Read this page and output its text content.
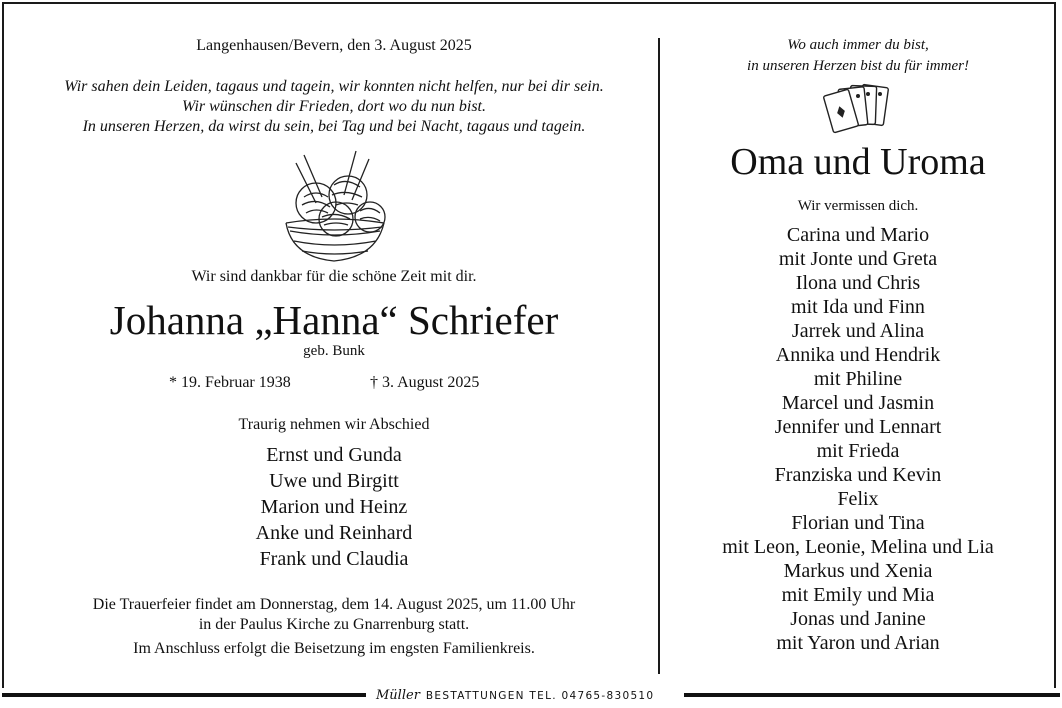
Langenhausen/Bevern, den 3. August 2025
Wir sahen dein Leiden, tagaus und tagein, wir konnten nicht helfen, nur bei dir sein.
Wir wünschen dir Frieden, dort wo du nun bist.
In unseren Herzen, da wirst du sein, bei Tag und bei Nacht, tagaus und tagein.
Wir sind dankbar für die schöne Zeit mit dir.
Johanna „Hanna“ Schriefer
geb. Bunk
* 19. Februar 1938	† 3. August 2025
Traurig nehmen wir Abschied
Ernst und Gunda
Uwe und Birgitt
Marion und Heinz
Anke und Reinhard
Frank und Claudia
Die Trauerfeier findet am Donnerstag, dem 14. August 2025, um 11.00 Uhr
in der Paulus Kirche zu Gnarrenburg statt.
Im Anschluss erfolgt die Beisetzung im engsten Familienkreis.
Wo auch immer du bist,
in unseren Herzen bist du für immer!
Oma und Uroma
Wir vermissen dich.
Carina und Mario
mit Jonte und Greta
Ilona und Chris
mit Ida und Finn
Jarrek und Alina
Annika und Hendrik
mit Philine
Marcel und Jasmin
Jennifer und Lennart
mit Frieda
Franziska und Kevin
Felix
Florian und Tina
mit Leon, Leonie, Melina und Lia
Markus und Xenia
mit Emily und Mia
Jonas und Janine
mit Yaron und Arian
Müller BESTATTUNGEN TEL. 04765-830510
